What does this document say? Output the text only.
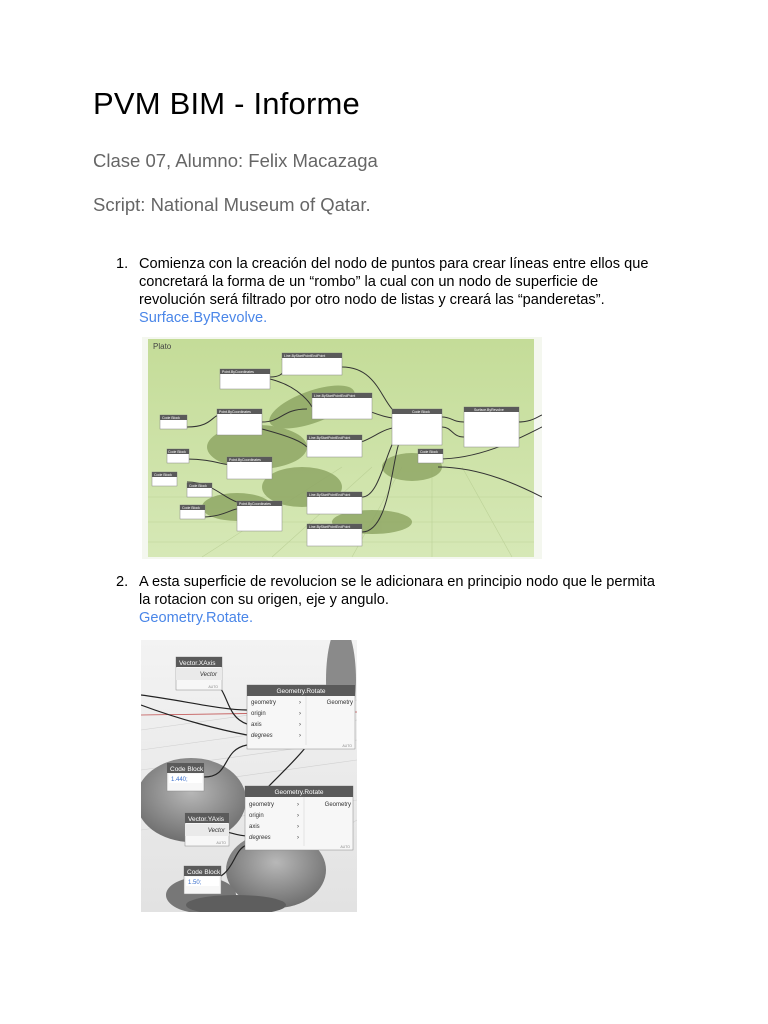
PVM BIM - Informe
Clase 07, Alumno: Felix Macazaga
Script: National Museum of Qatar.
1. Comienza con la creación del nodo de puntos para crear líneas entre ellos que concretará la forma de un “rombo” la cual con un nodo de superficie de revolución será filtrado por otro nodo de listas y creará las “panderetas”.
Surface.ByRevolve.
2. A esta superficie de revolucion se le adicionara en principio nodo que le permita la rotacion con su origen, eje y angulo.
Geometry.Rotate.
Plato
Line.ByStartPointEndPoint
Point.ByCoordinates
Code Block
Point.ByCoordinates
Line.ByStartPointEndPoint
Code Block	Surface.ByRevolve
Line.ByStartPointEndPoint
Code Block
Code Block
Point.ByCoordinates
Code Block
Code Block
Code Block
Point.ByCoordinates
Line.ByStartPointEndPoint
Line.ByStartPointEndPoint
Vector.XAxis
Vector
AUTO
Geometry.Rotate
geometry	›
origin	›
axis	›
degrees	›
Geometry
AUTO
Code Block
1.440;
Geometry.Rotate
geometry	›
origin	›
axis	›
degrees	›
Geometry
AUTO
Vector.YAxis
Vector
AUTO
Code Block
1.50;
